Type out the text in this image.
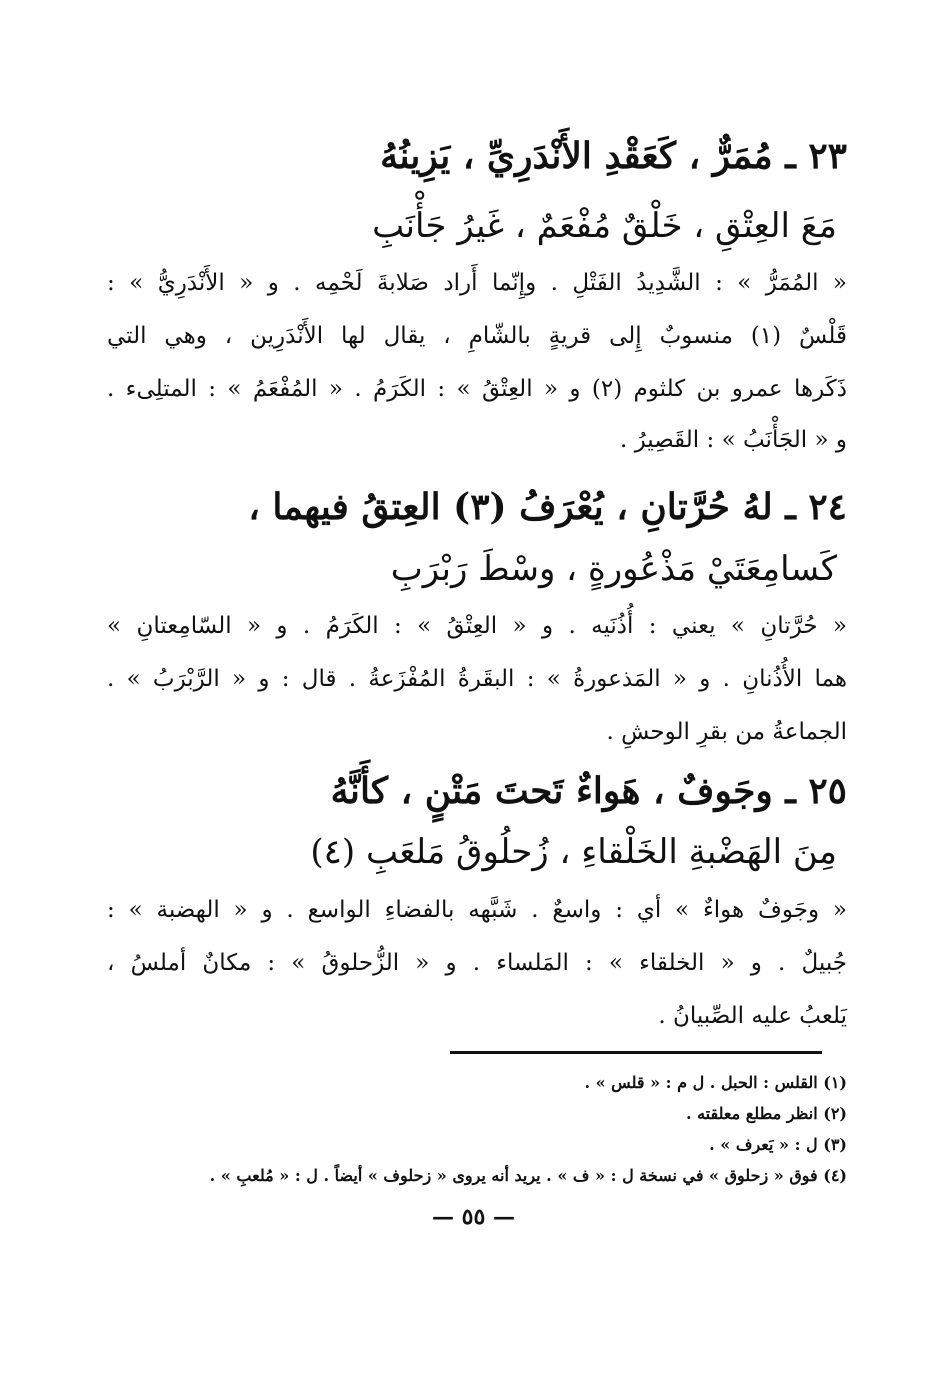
٢٣ ـ مُمَرٌّ ، كَعَقْدِ الأَنْدَرِيِّ ، يَزِينُهُ
مَعَ العِتْقِ ، خَلْقٌ مُفْعَمٌ ، غَيرُ جَأْنَبِ
« المُمَرُّ » : الشَّدِيدُ الفَتْلِ . وإِنّما أَراد صَلابةَ لَحْمِه . و « الأَنْدَرِيُّ » :
قَلْسٌ (١) منسوبٌ إِلى قريةٍ بالشّامِ ، يقال لها الأَنْدَرِين ، وهي التي
ذَكَرها عمرو بن كلثوم (٢) و « العِتْقُ » : الكَرَمُ . « المُفْعَمُ » : المتلِىء .
و « الجَأْنَبُ » : القَصِيرُ .
٢٤ ـ لهُ حُرَّتانِ ، يُعْرَفُ (٣) العِتقُ فيهما ،
كَسامِعَتَيْ مَذْعُورةٍ ، وسْطَ رَبْرَبِ
« حُرَّتانِ » يعني : أُذُنَيه . و « العِتْقُ » : الكَرَمُ . و « السّامِعتانِ »
هما الأُذُنانِ . و « المَذعورةُ » : البقَرةُ المُفْزَعةُ . قال : و « الرَّبْرَبُ » .
الجماعةُ من بقرِ الوحشِ .
٢٥ ـ وجَوفٌ ، هَواءٌ تَحتَ مَتْنٍ ، كأَنَّهُ
مِنَ الهَضْبةِ الخَلْقاءِ ، زُحلُوقُ مَلعَبِ (٤)
« وجَوفٌ هواءٌ » أي : واسعٌ . شَبَّهه بالفضاءِ الواسع . و « الهضبة » :
جُبيلٌ . و « الخلقاء » : المَلساء . و « الزُّحلوقُ » : مكانٌ أملسُ ،
يَلعبُ عليه الصِّبيانُ .
(١) القلس : الحبل . ل م : « قلس » .
(٢) انظر مطلع معلقته .
(٣) ل : « يَعرف » .
(٤) فوق « زحلوق » في نسخة ل : « ف » . يريد أنه يروى « زحلوف » أيضاً . ل : « مُلعبِ » .
— ٥٥ —
